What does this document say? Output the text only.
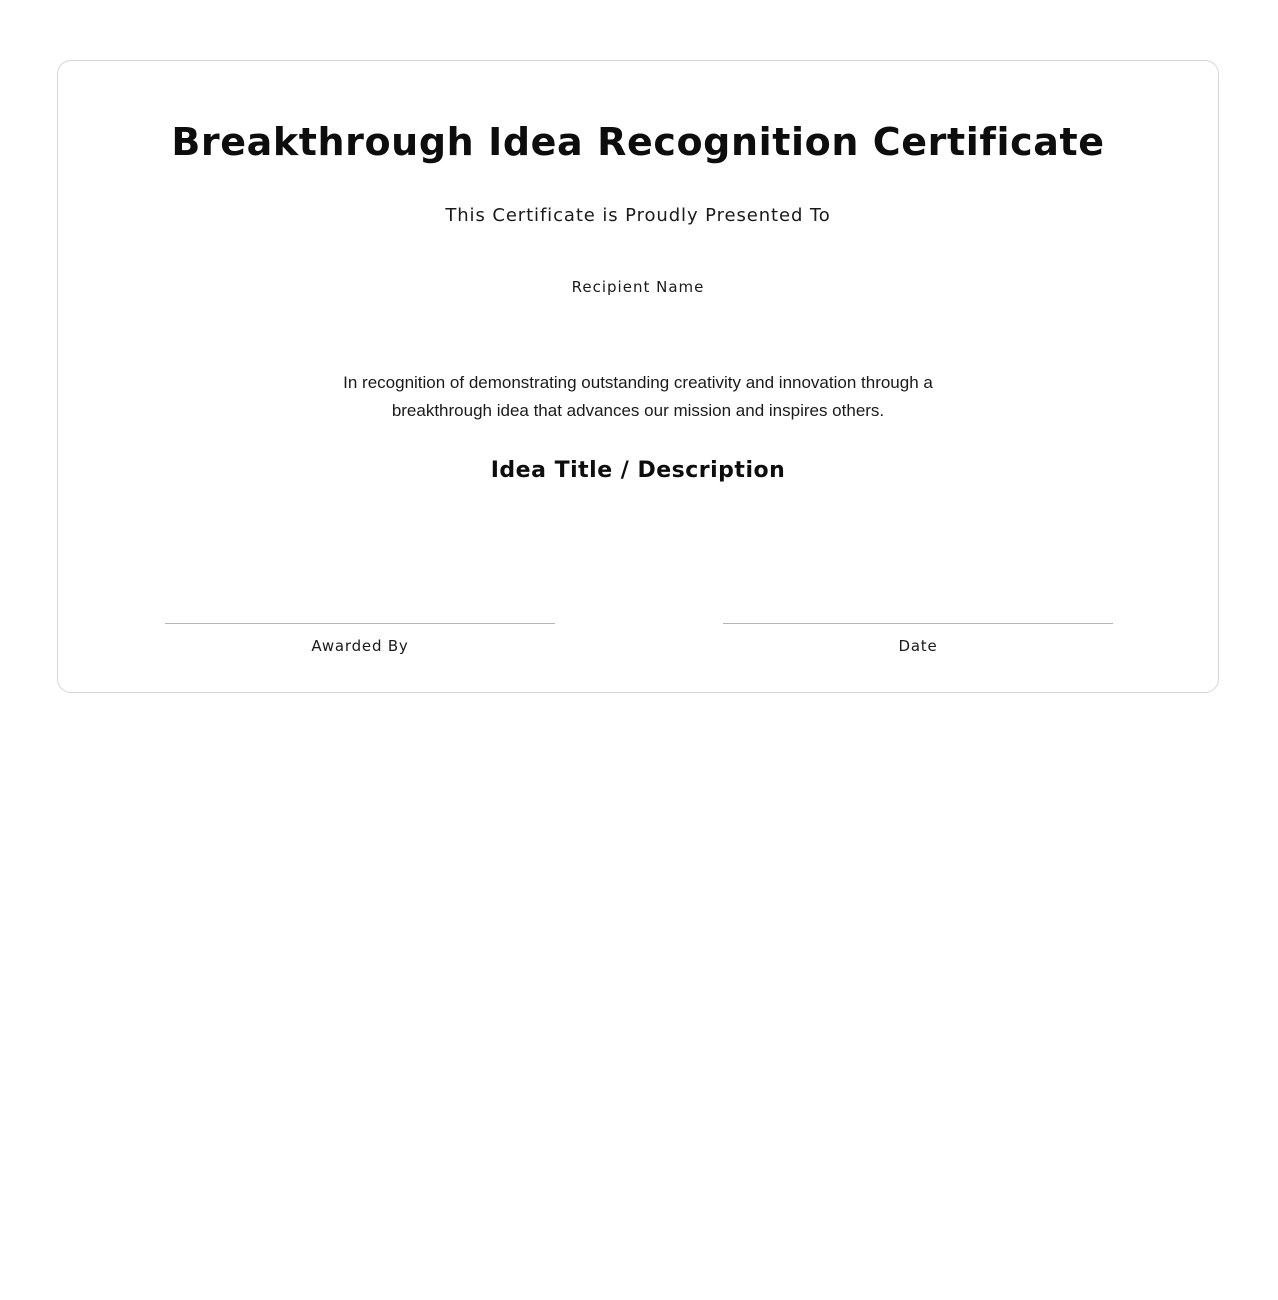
Breakthrough Idea Recognition Certificate
This Certificate is Proudly Presented To
Recipient Name
In recognition of demonstrating outstanding creativity and innovation through a breakthrough idea that advances our mission and inspires others.
Idea Title / Description
Awarded By	Date
